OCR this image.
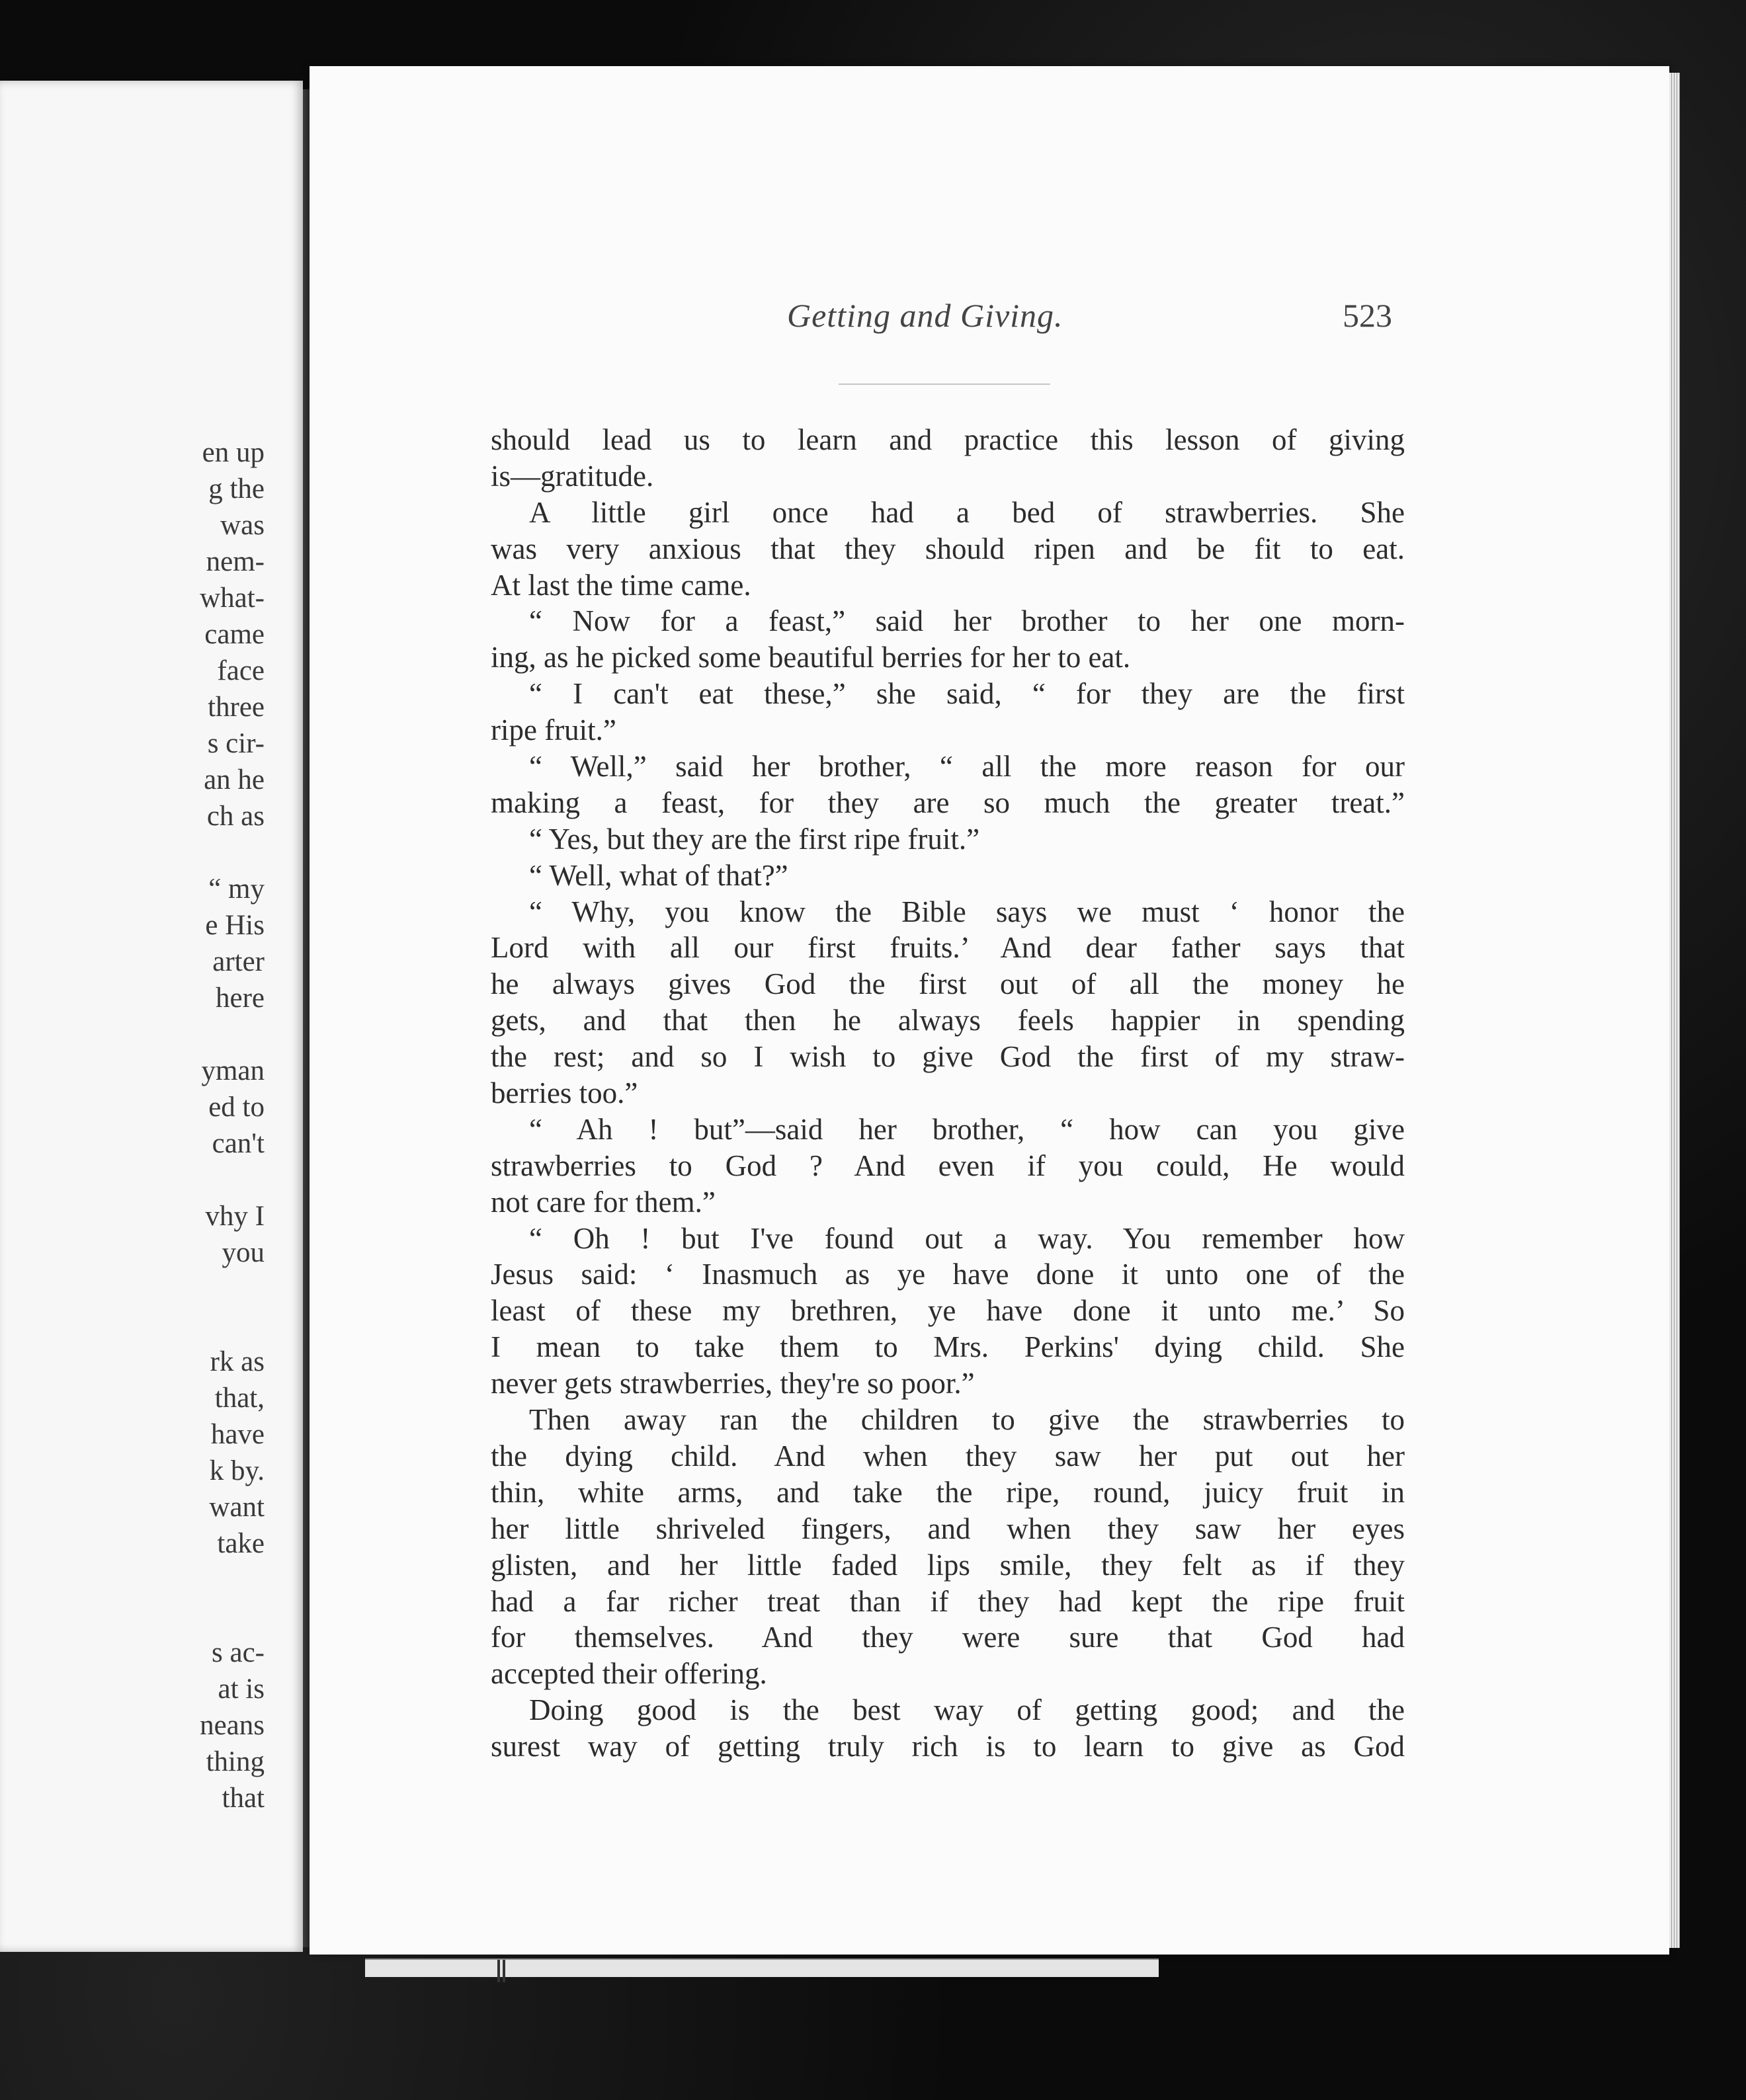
en up
g the
was
nem-
what-
came
face
three
s cir-
an he
ch as
“ my
e His
arter
here
yman
ed to
can't
vhy I
you
rk as
that,
have
k by.
want
take
s ac-
at is
neans
thing
that
Getting and Giving.	523
should lead us to learn and practice this lesson of giving
is—gratitude.
A little girl once had a bed of strawberries. She
was very anxious that they should ripen and be fit to eat.
At last the time came.
“ Now for a feast,” said her brother to her one morn-
ing, as he picked some beautiful berries for her to eat.
“ I can't eat these,” she said, “ for they are the first
ripe fruit.”
“ Well,” said her brother, “ all the more reason for our
making a feast, for they are so much the greater treat.”
“ Yes, but they are the first ripe fruit.”
“ Well, what of that?”
“ Why, you know the Bible says we must ‘ honor the
Lord with all our first fruits.’ And dear father says that
he always gives God the first out of all the money he
gets, and that then he always feels happier in spending
the rest; and so I wish to give God the first of my straw-
berries too.”
“ Ah ! but”—said her brother, “ how can you give
strawberries to God ? And even if you could, He would
not care for them.”
“ Oh ! but I've found out a way. You remember how
Jesus said: ‘ Inasmuch as ye have done it unto one of the
least of these my brethren, ye have done it unto me.’ So
I mean to take them to Mrs. Perkins' dying child. She
never gets strawberries, they're so poor.”
Then away ran the children to give the strawberries to
the dying child. And when they saw her put out her
thin, white arms, and take the ripe, round, juicy fruit in
her little shriveled fingers, and when they saw her eyes
glisten, and her little faded lips smile, they felt as if they
had a far richer treat than if they had kept the ripe fruit
for themselves. And they were sure that God had
accepted their offering.
Doing good is the best way of getting good; and the
surest way of getting truly rich is to learn to give as God
